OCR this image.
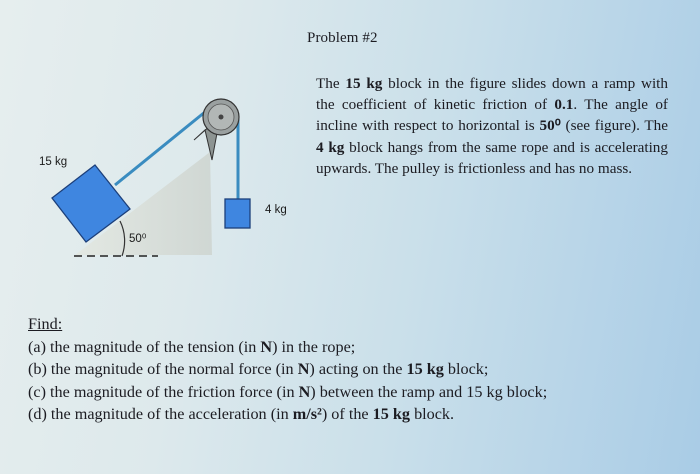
Problem #2
The 15 kg block in the figure slides down a ramp with the coefficient of kinetic friction of 0.1. The angle of incline with respect to horizontal is 50⁰ (see figure). The 4 kg block hangs from the same rope and is accelerating upwards. The pulley is frictionless and has no mass.
15 kg
4 kg
50⁰
Find:
(a) the magnitude of the tension (in N) in the rope;
(b) the magnitude of the normal force (in N) acting on the 15 kg block;
(c) the magnitude of the friction force (in N) between the ramp and 15 kg block;
(d) the magnitude of the acceleration (in m/s²) of the 15 kg block.
